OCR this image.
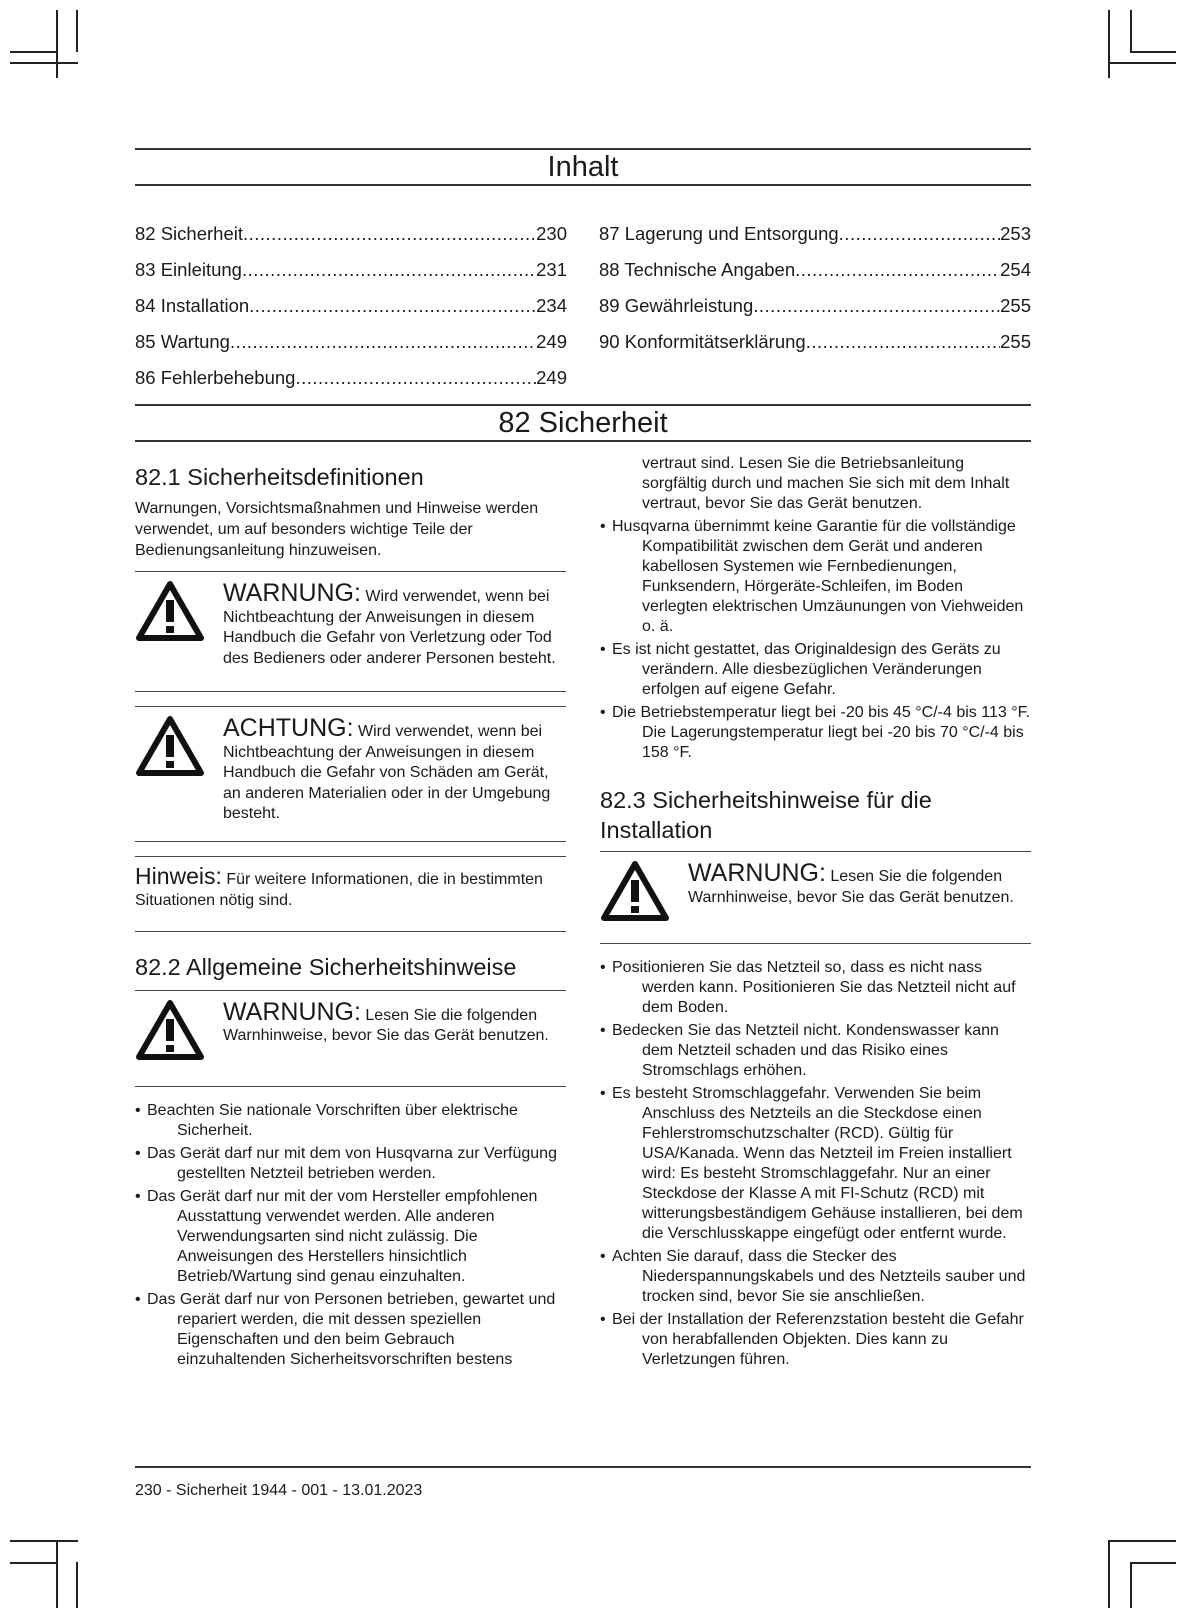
Inhalt
82 Sicherheit .....	230
83 Einleitung .....	231
84 Installation .....	234
85 Wartung .....	249
86 Fehlerbehebung .....	249
87 Lagerung und Entsorgung .....	253
88 Technische Angaben .....	254
89 Gewährleistung .....	255
90 Konformitätserklärung .....	255
82 Sicherheit
82.1 Sicherheitsdefinitionen

Warnungen, Vorsichtsmaßnahmen und Hinweise werden verwendet, um auf besonders wichtige Teile der Bedienungsanleitung hinzuweisen.

WARNUNG: Wird verwendet, wenn bei Nichtbeachtung der Anweisungen in diesem Handbuch die Gefahr von Verletzung oder Tod des Bedieners oder anderer Personen besteht.
ACHTUNG: Wird verwendet, wenn bei Nichtbeachtung der Anweisungen in diesem Handbuch die Gefahr von Schäden am Gerät, an anderen Materialien oder in der Umgebung besteht.
Hinweis: Für weitere Informationen, die in bestimmten Situationen nötig sind.
82.2 Allgemeine Sicherheitshinweise
WARNUNG: Lesen Sie die folgenden Warnhinweise, bevor Sie das Gerät benutzen.
• Beachten Sie nationale Vorschriften über elektrische Sicherheit.
• Das Gerät darf nur mit dem von Husqvarna zur Verfügung gestellten Netzteil betrieben werden.
• Das Gerät darf nur mit der vom Hersteller empfohlenen Ausstattung verwendet werden. Alle anderen Verwendungsarten sind nicht zulässig. Die Anweisungen des Herstellers hinsichtlich Betrieb/Wartung sind genau einzuhalten.
• Das Gerät darf nur von Personen betrieben, gewartet und repariert werden, die mit dessen speziellen Eigenschaften und den beim Gebrauch einzuhaltenden Sicherheitsvorschriften bestens

vertraut sind. Lesen Sie die Betriebsanleitung sorgfältig durch und machen Sie sich mit dem Inhalt vertraut, bevor Sie das Gerät benutzen.

• Husqvarna übernimmt keine Garantie für die vollständige Kompatibilität zwischen dem Gerät und anderen kabellosen Systemen wie Fernbedienungen, Funksendern, Hörgeräte-Schleifen, im Boden verlegten elektrischen Umzäunungen von Viehweiden o. ä.
• Es ist nicht gestattet, das Originaldesign des Geräts zu verändern. Alle diesbezüglichen Veränderungen erfolgen auf eigene Gefahr.
• Die Betriebstemperatur liegt bei -20 bis 45 °C/-4 bis 113 °F. Die Lagerungstemperatur liegt bei -20 bis 70 °C/-4 bis 158 °F.
82.3 Sicherheitshinweise für die Installation
WARNUNG: Lesen Sie die folgenden Warnhinweise, bevor Sie das Gerät benutzen.
• Positionieren Sie das Netzteil so, dass es nicht nass werden kann. Positionieren Sie das Netzteil nicht auf dem Boden.
• Bedecken Sie das Netzteil nicht. Kondenswasser kann dem Netzteil schaden und das Risiko eines Stromschlags erhöhen.
• Es besteht Stromschlaggefahr. Verwenden Sie beim Anschluss des Netzteils an die Steckdose einen Fehlerstromschutzschalter (RCD). Gültig für USA/Kanada. Wenn das Netzteil im Freien installiert wird: Es besteht Stromschlaggefahr. Nur an einer Steckdose der Klasse A mit FI-Schutz (RCD) mit witterungsbeständigem Gehäuse installieren, bei dem die Verschlusskappe eingefügt oder entfernt wurde.
• Achten Sie darauf, dass die Stecker des Niederspannungskabels und des Netzteils sauber und trocken sind, bevor Sie sie anschließen.
• Bei der Installation der Referenzstation besteht die Gefahr von herabfallenden Objekten. Dies kann zu Verletzungen führen.
230 - Sicherheit 1944 - 001 - 13.01.2023
